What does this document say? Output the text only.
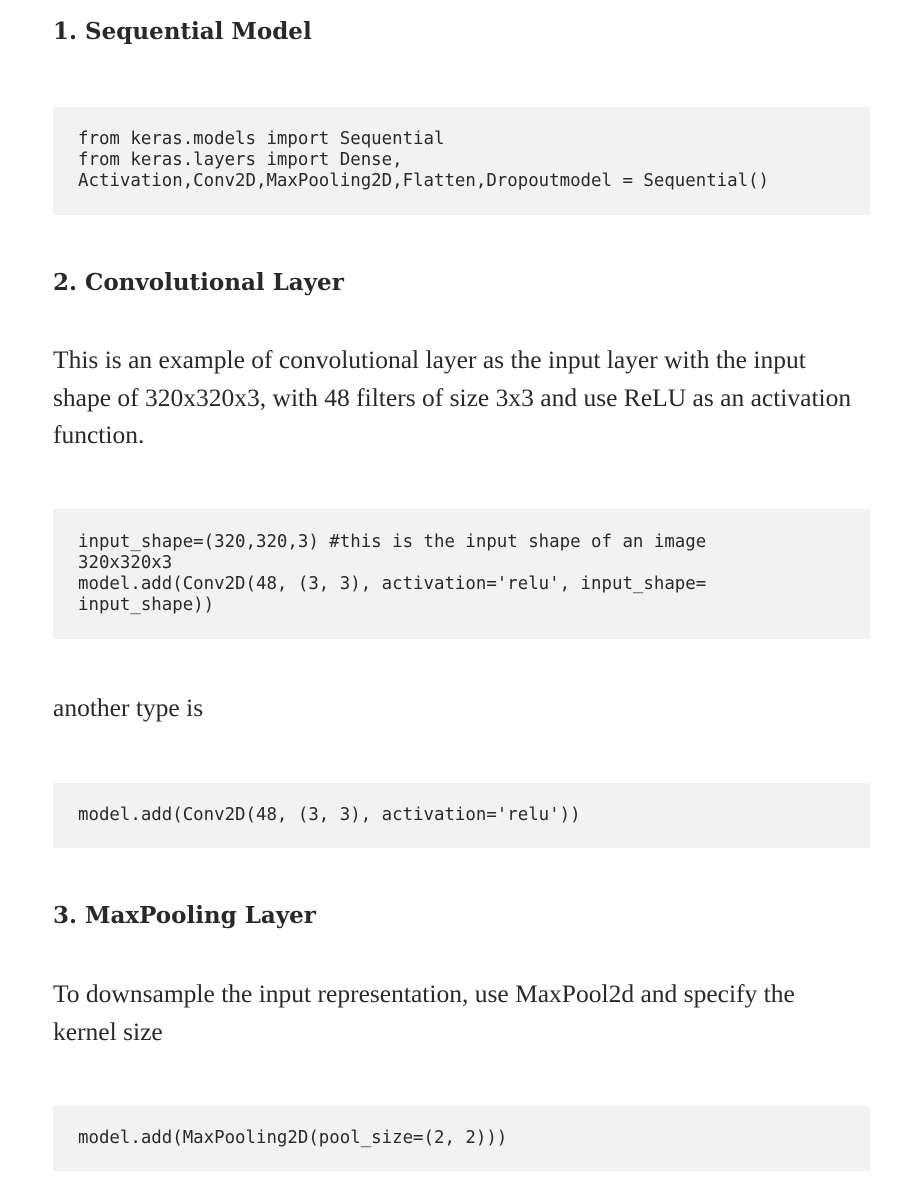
1. Sequential Model
from keras.models import Sequential
from keras.layers import Dense,
Activation,Conv2D,MaxPooling2D,Flatten,Dropoutmodel = Sequential()
2. Convolutional Layer

This is an example of convolutional layer as the input layer with the input shape of 320x320x3, with 48 filters of size 3x3 and use ReLU as an activation function.

input_shape=(320,320,3) #this is the input shape of an image
320x320x3
model.add(Conv2D(48, (3, 3), activation='relu', input_shape=
input_shape))

another type is

model.add(Conv2D(48, (3, 3), activation='relu'))
3. MaxPooling Layer

To downsample the input representation, use MaxPool2d and specify the kernel size

model.add(MaxPooling2D(pool_size=(2, 2)))
